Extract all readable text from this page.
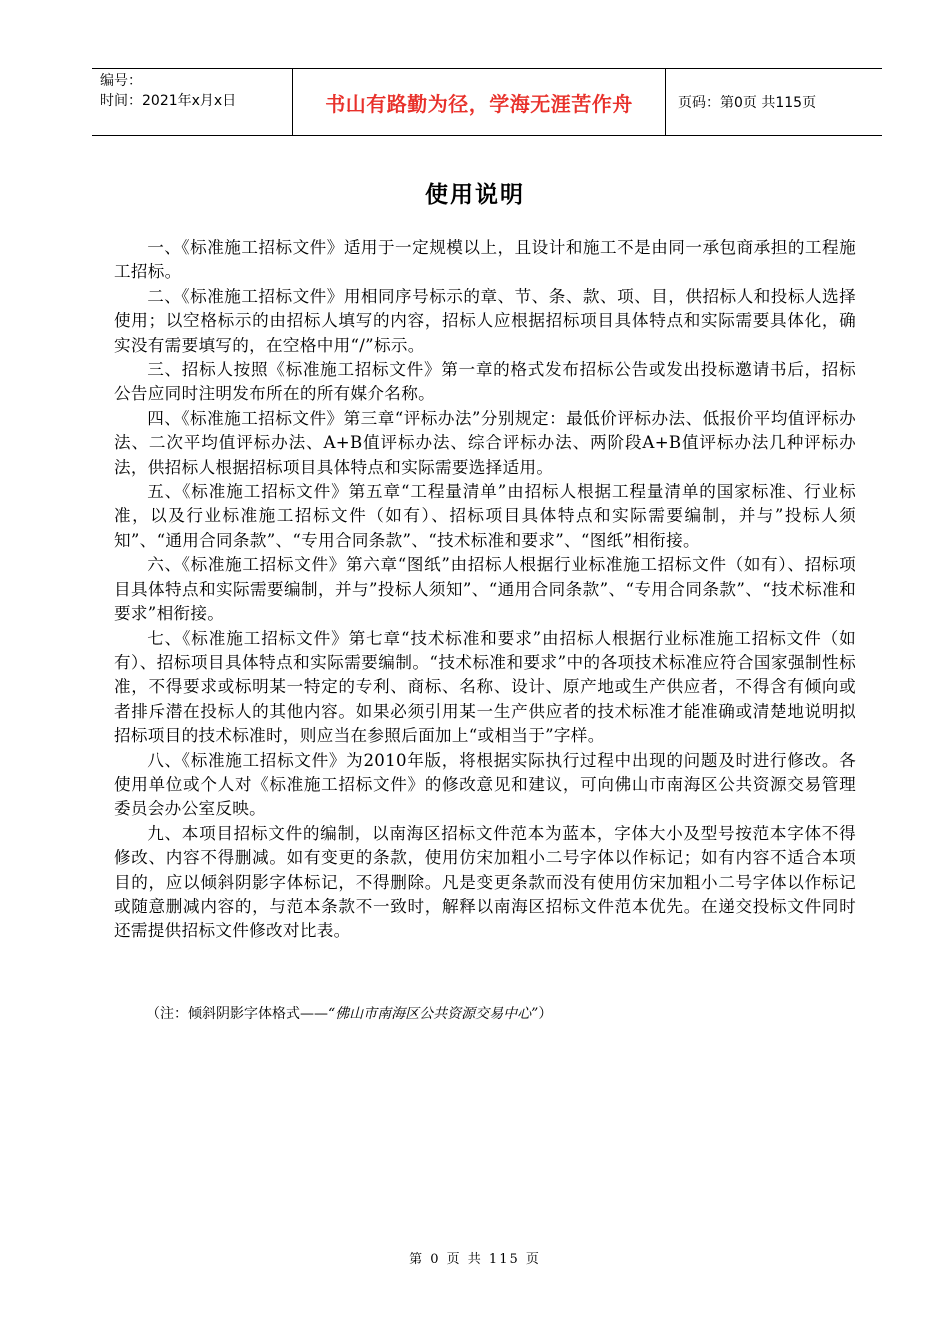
编号：
时间：2021年x月x日	书山有路勤为径，学海无涯苦作舟	页码：第0页 共115页
使用说明

一、《标准施工招标文件》适用于一定规模以上，且设计和施工不是由同一承包商承担的工程施工招标。

二、《标准施工招标文件》用相同序号标示的章、节、条、款、项、目，供招标人和投标人选择使用；以空格标示的由招标人填写的内容，招标人应根据招标项目具体特点和实际需要具体化，确实没有需要填写的，在空格中用“/”标示。

三、招标人按照《标准施工招标文件》第一章的格式发布招标公告或发出投标邀请书后，招标公告应同时注明发布所在的所有媒介名称。

四、《标准施工招标文件》第三章“评标办法”分别规定：最低价评标办法、低报价平均值评标办法、二次平均值评标办法、A+B值评标办法、综合评标办法、两阶段A+B值评标办法几种评标办法，供招标人根据招标项目具体特点和实际需要选择适用。

五、《标准施工招标文件》第五章“工程量清单”由招标人根据工程量清单的国家标准、行业标准，以及行业标准施工招标文件（如有）、招标项目具体特点和实际需要编制，并与”投标人须知”、“通用合同条款”、“专用合同条款”、“技术标准和要求”、“图纸”相衔接。

六、《标准施工招标文件》第六章“图纸”由招标人根据行业标准施工招标文件（如有）、招标项目具体特点和实际需要编制，并与”投标人须知”、“通用合同条款”、“专用合同条款”、“技术标准和要求”相衔接。

七、《标准施工招标文件》第七章“技术标准和要求”由招标人根据行业标准施工招标文件（如有）、招标项目具体特点和实际需要编制。“技术标准和要求”中的各项技术标准应符合国家强制性标准，不得要求或标明某一特定的专利、商标、名称、设计、原产地或生产供应者，不得含有倾向或者排斥潜在投标人的其他内容。如果必须引用某一生产供应者的技术标准才能准确或清楚地说明拟招标项目的技术标准时，则应当在参照后面加上“或相当于”字样。

八、《标准施工招标文件》为2010年版，将根据实际执行过程中出现的问题及时进行修改。各使用单位或个人对《标准施工招标文件》的修改意见和建议，可向佛山市南海区公共资源交易管理委员会办公室反映。

九、本项目招标文件的编制，以南海区招标文件范本为蓝本，字体大小及型号按范本字体不得修改、内容不得删减。如有变更的条款，使用仿宋加粗小二号字体以作标记；如有内容不适合本项目的，应以倾斜阴影字体标记，不得删除。凡是变更条款而没有使用仿宋加粗小二号字体以作标记或随意删减内容的，与范本条款不一致时，解释以南海区招标文件范本优先。在递交投标文件同时还需提供招标文件修改对比表。

（注：倾斜阴影字体格式——“佛山市南海区公共资源交易中心”）
第 0 页 共 115 页
